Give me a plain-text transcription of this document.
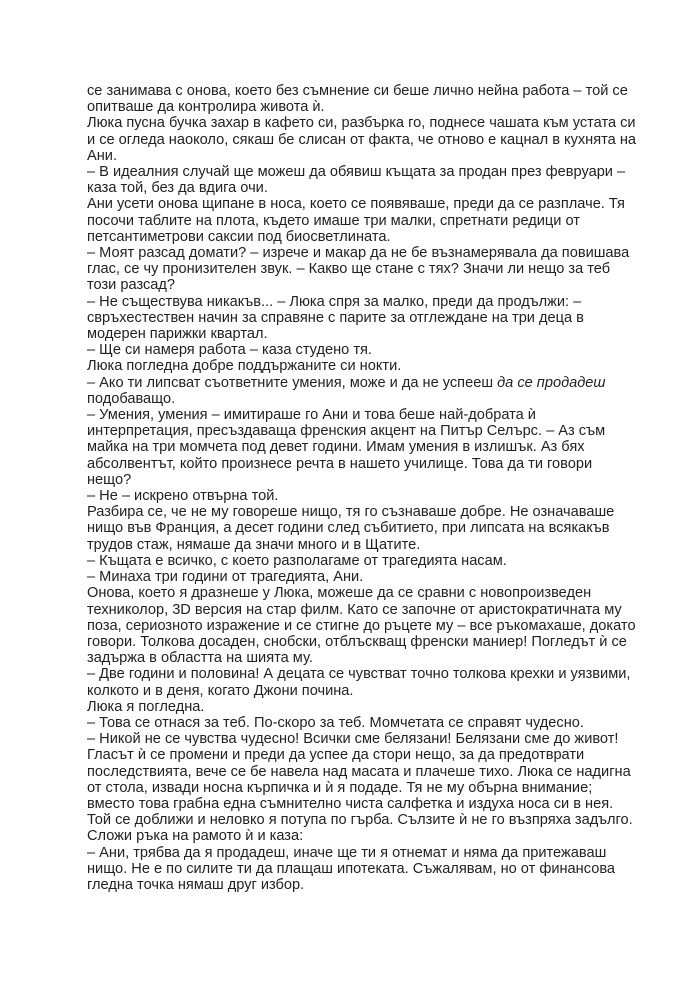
се занимава с онова, което без съмнение си беше лично нейна работа – той се
опитваше да контролира живота ѝ.
Люка пусна бучка захар в кафето си, разбърка го, поднесе чашата към устата си
и се огледа наоколо, сякаш бе слисан от факта, че отново е кацнал в кухнята на
Ани.
– В идеалния случай ще можеш да обявиш къщата за продан през февруари –
каза той, без да вдига очи.
Ани усети онова щипане в носа, което се появяваше, преди да се разплаче. Тя
посочи таблите на плота, където имаше три малки, спретнати редици от
петсантиметрови саксии под биосветлината.
– Моят разсад домати? – изрече и макар да не бе възнамерявала да повишава
глас, се чу пронизителен звук. – Какво ще стане с тях? Значи ли нещо за теб
този разсад?
– Не съществува никакъв... – Люка спря за малко, преди да продължи: –
свръхестествен начин за справяне с парите за отглеждане на три деца в
модерен парижки квартал.
– Ще си намеря работа – каза студено тя.
Люка погледна добре поддържаните си нокти.
– Ако ти липсват съответните умения, може и да не успееш да се продадеш
подобаващо.
– Умения, умения – имитираше го Ани и това беше най-добрата ѝ
интерпретация, пресъздаваща френския акцент на Питър Селърс. – Аз съм
майка на три момчета под девет години. Имам умения в излишък. Аз бях
абсолвентът, който произнесе речта в нашето училище. Това да ти говори
нещо?
– Не – искрено отвърна той.
Разбира се, че не му говореше нищо, тя го съзнаваше добре. Не означаваше
нищо във Франция, а десет години след събитието, при липсата на всякакъв
трудов стаж, нямаше да значи много и в Щатите.
– Къщата е всичко, с което разполагаме от трагедията насам.
– Минаха три години от трагедията, Ани.
Онова, което я дразнеше у Люка, можеше да се сравни с новопроизведен
техниколор, 3D версия на стар филм. Като се започне от аристократичната му
поза, сериозното изражение и се стигне до ръцете му – все ръкомахаше, докато
говори. Толкова досаден, снобски, отблъскващ френски маниер! Погледът ѝ се
задържа в областта на шията му.
– Две години и половина! А децата се чувстват точно толкова крехки и уязвими,
колкото и в деня, когато Джони почина.
Люка я погледна.
– Това се отнася за теб. По-скоро за теб. Момчетата се справят чудесно.
– Никой не се чувства чудесно! Всички сме белязани! Белязани сме до живот!
Гласът ѝ се промени и преди да успее да стори нещо, за да предотврати
последствията, вече се бе навела над масата и плачеше тихо. Люка се надигна
от стола, извади носна кърпичка и ѝ я подаде. Тя не му обърна внимание;
вместо това грабна една съмнително чиста салфетка и издуха носа си в нея.
Той се доближи и неловко я потупа по гърба. Сълзите ѝ не го възпряха задълго.
Сложи ръка на рамото ѝ и каза:
– Ани, трябва да я продадеш, иначе ще ти я отнемат и няма да притежаваш
нищо. Не е по силите ти да плащаш ипотеката. Съжалявам, но от финансова
гледна точка нямаш друг избор.
